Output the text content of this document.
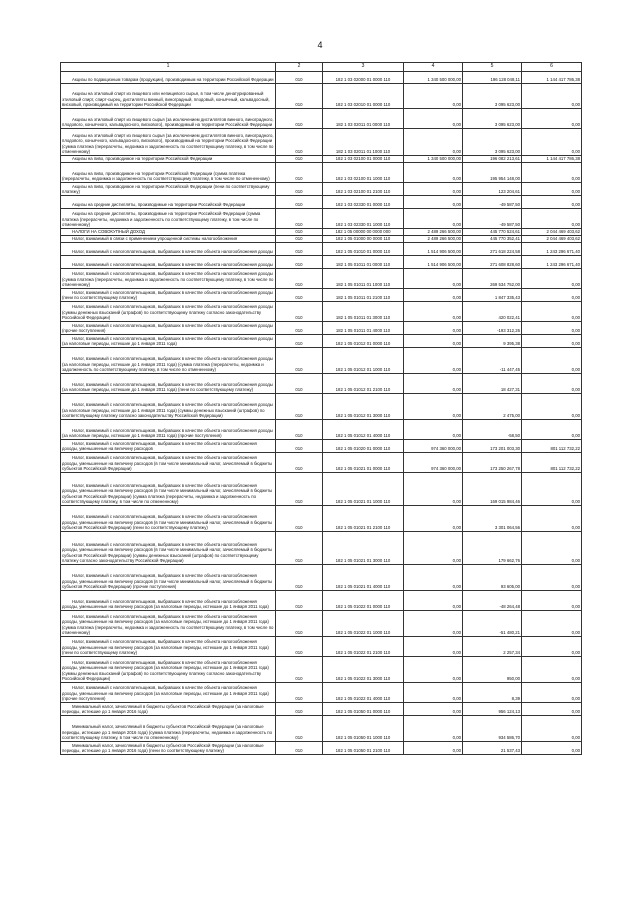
4
1	2	3	4	5	6
Акцизы по подакцизным товарам (продукции), производимым на территории Российской Федерации	010	182 1 03 02000 01 0000 110	1 340 500 000,00	196 128 048,11	1 144 417 786,38
Акцизы на этиловый спирт из пищевого или непищевого сырья, в том числе денатурированный этиловый спирт, спирт-сырец, дистилляты винный, виноградный, плодовый, коньячный, кальвадосный, висковый, производимый на территории Российской Федерации	010	182 1 03 02010 01 0000 110	0,00	3 095 623,00	0,00
Акцизы на этиловый спирт из пищевого сырья (за исключением дистиллятов винного, виноградного, плодового, коньячного, кальвадосного, вискового), производимый на территории Российской Федерации	010	182 1 03 02011 01 0000 110	0,00	3 095 623,00	0,00
Акцизы на этиловый спирт из пищевого сырья (за исключением дистиллятов винного, виноградного, плодового, коньячного, кальвадосного, вискового), производимый на территории Российской Федерации (сумма платежа (перерасчеты, недоимка и задолженность по соответствующему платежу, в том числе по отмененному)	010	182 1 03 02011 01 1000 110	0,00	3 095 623,00	0,00
Акцизы на пиво, производимое на территории Российской Федерации	010	182 1 03 02100 01 0000 110	1 340 500 000,00	196 082 213,61	1 144 417 786,38
Акцизы на пиво, производимое на территории Российской Федерации (сумма платежа (перерасчеты, недоимка и задолженность по соответствующему платежу, в том числе по отмененному)	010	182 1 03 02100 01 1000 110	0,00	195 954 148,00	0,00
Акцизы на пиво, производимое на территории Российской Федерации (пени по соответствующему платежу)	010	182 1 03 02100 01 2100 110	0,00	123 204,61	0,00
Акцизы на средние дистилляты, производимые на территории Российской Федерации	010	182 1 03 02330 01 0000 110	0,00	-49 587,50	0,00
Акцизы на средние дистилляты, производимые на территории Российской Федерации (сумма платежа (перерасчеты, недоимка и задолженность по соответствующему платежу, в том числе по отмененному)	010	182 1 03 02330 01 1000 110	0,00	-49 587,50	0,00
НАЛОГИ НА СОВОКУПНЫЙ ДОХОД	010	182 1 05 00000 00 0000 000	2 489 266 500,00	445 770 524,61	2 044 469 403,62
Налог, взимаемый в связи с применением упрощенной системы налогообложения	010	182 1 05 01000 00 0000 110	2 489 266 500,00	445 770 352,41	2 044 469 403,62
Налог, взимаемый с налогоплательщиков, выбравших в качестве объекта налогообложения доходы	010	182 1 05 01010 01 0000 110	1 514 906 500,00	271 618 224,58	1 243 296 671,40
Налог, взимаемый с налогоплательщиков, выбравших в качестве объекта налогообложения доходы	010	182 1 05 01011 01 0000 110	1 514 906 500,00	271 608 828,60	1 243 296 671,40
Налог, взимаемый с налогоплательщиков, выбравших в качестве объекта налогообложения доходы (сумма платежа (перерасчеты, недоимка и задолженность по соответствующему платежу, в том числе по отмененному)	010	182 1 05 01011 01 1000 110	0,00	269 534 752,00	0,00
Налог, взимаемый с налогоплательщиков, выбравших в качестве объекта налогообложения доходы (пени по соответствующему платежу)	010	182 1 05 01011 01 2100 110	0,00	1 847 335,43	0,00
Налог, взимаемый с налогоплательщиков, выбравших в качестве объекта налогообложения доходы (суммы денежных взысканий (штрафов) по соответствующему платежу согласно законодательству Российской Федерации)	010	182 1 05 01011 01 3000 110	0,00	420 022,41	0,00
Налог, взимаемый с налогоплательщиков, выбравших в качестве объекта налогообложения доходы (прочие поступления)	010	182 1 05 01011 01 4000 110	0,00	-193 312,26	0,00
Налог, взимаемый с налогоплательщиков, выбравших в качестве объекта налогообложения доходы (за налоговые периоды, истекшие до 1 января 2011 года)	010	182 1 05 01012 01 0000 110	0,00	9 395,38	0,00
Налог, взимаемый с налогоплательщиков, выбравших в качестве объекта налогообложения доходы (за налоговые периоды, истекшие до 1 января 2011 года) (сумма платежа (перерасчеты, недоимка и задолженность по соответствующему платежу, в том числе по отмененному)	010	182 1 05 01012 01 1000 110	0,00	-11 447,45	0,00
Налог, взимаемый с налогоплательщиков, выбравших в качестве объекта налогообложения доходы (за налоговые периоды, истекшие до 1 января 2011 года) (пени по соответствующему платежу)	010	182 1 05 01012 01 2100 110	0,00	18 427,31	0,00
Налог, взимаемый с налогоплательщиков, выбравших в качестве объекта налогообложения доходы (за налоговые периоды, истекшие до 1 января 2011 года) (суммы денежных взысканий (штрафов) по соответствующему платежу согласно законодательству Российской Федерации)	010	182 1 05 01012 01 3000 110	0,00	2 475,00	0,00
Налог, взимаемый с налогоплательщиков, выбравших в качестве объекта налогообложения доходы (за налоговые периоды, истекшие до 1 января 2011 года) (прочие поступления)	010	182 1 05 01012 01 4000 110	0,00	-58,50	0,00
Налог, взимаемый с налогоплательщиков, выбравших в качестве объекта налогообложения доходы, уменьшенные на величину расходов	010	182 1 05 01020 01 0000 110	974 360 000,00	173 201 003,30	801 112 732,22
Налог, взимаемый с налогоплательщиков, выбравших в качестве объекта налогообложения доходы, уменьшенные на величину расходов (в том числе минимальный налог, зачисляемый в бюджеты субъектов Российской Федерации)	010	182 1 05 01021 01 0000 110	974 360 000,00	173 250 267,78	801 112 732,22
Налог, взимаемый с налогоплательщиков, выбравших в качестве объекта налогообложения доходы, уменьшенные на величину расходов (в том числе минимальный налог, зачисляемый в бюджеты субъектов Российской Федерации) (сумма платежа (перерасчеты, недоимка и задолженность по соответствующему платежу, в том числе по отмененному)	010	182 1 05 01021 01 1000 110	0,00	169 015 984,46	0,00
Налог, взимаемый с налогоплательщиков, выбравших в качестве объекта налогообложения доходы, уменьшенные на величину расходов (в том числе минимальный налог, зачисляемый в бюджеты субъектов Российской Федерации) (пени по соответствующему платежу)	010	182 1 05 01021 01 2100 110	0,00	3 301 064,56	0,00
Налог, взимаемый с налогоплательщиков, выбравших в качестве объекта налогообложения доходы, уменьшенные на величину расходов (в том числе минимальный налог, зачисляемый в бюджеты субъектов Российской Федерации) (суммы денежных взысканий (штрафов) по соответствующему платежу согласно законодательству Российской Федерации)	010	182 1 05 01021 01 3000 110	0,00	179 662,76	0,00
Налог, взимаемый с налогоплательщиков, выбравших в качестве объекта налогообложения доходы, уменьшенные на величину расходов (в том числе минимальный налог, зачисляемый в бюджеты субъектов Российской Федерации) (прочие поступления)	010	182 1 05 01021 01 4000 110	0,00	93 605,00	0,00
Налог, взимаемый с налогоплательщиков, выбравших в качестве объекта налогообложения доходы, уменьшенные на величину расходов (за налоговые периоды, истекшие до 1 января 2011 года)	010	182 1 05 01022 01 0000 110	0,00	-48 264,48	0,00
Налог, взимаемый с налогоплательщиков, выбравших в качестве объекта налогообложения доходы, уменьшенные на величину расходов (за налоговые периоды, истекшие до 1 января 2011 года) (сумма платежа (перерасчеты, недоимка и задолженность по соответствующему платежу, в том числе по отмененному)	010	182 1 05 01022 01 1000 110	0,00	-51 480,21	0,00
Налог, взимаемый с налогоплательщиков, выбравших в качестве объекта налогообложения доходы, уменьшенные на величину расходов (за налоговые периоды, истекшие до 1 января 2011 года) (пени по соответствующему платежу)	010	182 1 05 01022 01 2100 110	0,00	2 257,34	0,00
Налог, взимаемый с налогоплательщиков, выбравших в качестве объекта налогообложения доходы, уменьшенные на величину расходов (за налоговые периоды, истекшие до 1 января 2011 года) (суммы денежных взысканий (штрафов) по соответствующему платежу согласно законодательству Российской Федерации)	010	182 1 05 01022 01 3000 110	0,00	950,00	0,00
Налог, взимаемый с налогоплательщиков, выбравших в качестве объекта налогообложения доходы, уменьшенные на величину расходов (за налоговые периоды, истекшие до 1 января 2011 года) (прочие поступления)	010	182 1 05 01022 01 4000 110	0,00	8,39	0,00
Минимальный налог, зачисляемый в бюджеты субъектов Российской Федерации (за налоговые периоды, истекшие до 1 января 2016 года)	010	182 1 05 01050 01 0000 110	0,00	956 124,13	0,00
Минимальный налог, зачисляемый в бюджеты субъектов Российской Федерации (за налоговые периоды, истекшие до 1 января 2016 года) (сумма платежа (перерасчеты, недоимка и задолженность по соответствующему платежу, в том числе по отмененному)	010	182 1 05 01050 01 1000 110	0,00	934 586,70	0,00
Минимальный налог, зачисляемый в бюджеты субъектов Российской Федерации (за налоговые периоды, истекшие до 1 января 2016 года) (пени по соответствующему платежу)	010	182 1 05 01050 01 2100 110	0,00	21 537,43	0,00
